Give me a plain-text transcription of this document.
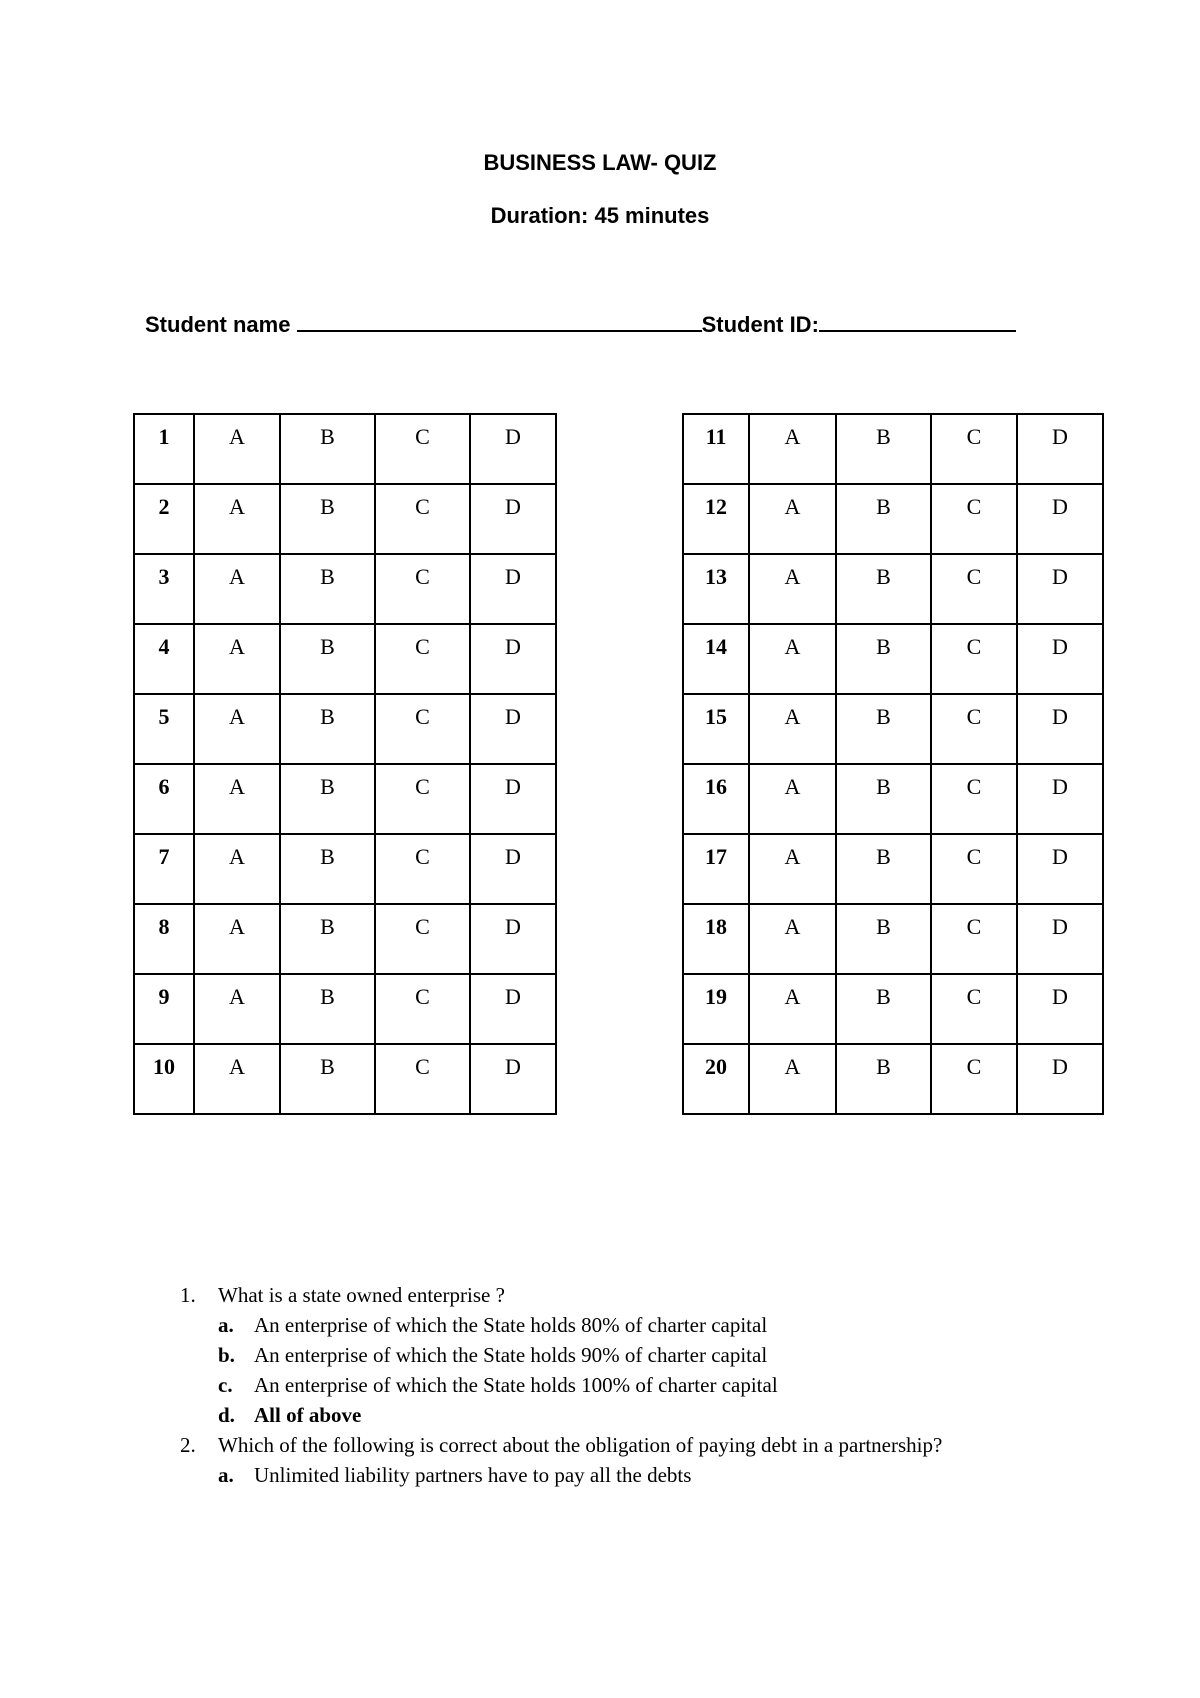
BUSINESS LAW- QUIZ
Duration: 45 minutes
Student name	Student ID:
1	A	B	C	D
2	A	B	C	D
3	A	B	C	D
4	A	B	C	D
5	A	B	C	D
6	A	B	C	D
7	A	B	C	D
8	A	B	C	D
9	A	B	C	D
10	A	B	C	D
11	A	B	C	D
12	A	B	C	D
13	A	B	C	D
14	A	B	C	D
15	A	B	C	D
16	A	B	C	D
17	A	B	C	D
18	A	B	C	D
19	A	B	C	D
20	A	B	C	D
1.	What is a state owned enterprise ?
a. An enterprise of which the State holds 80% of charter capital
b. An enterprise of which the State holds 90% of charter capital
c.	An enterprise of which the State holds 100% of charter capital
d. All of above
2.	Which of the following is correct about the obligation of paying debt in a partnership?
a. Unlimited liability partners have to pay all the debts
